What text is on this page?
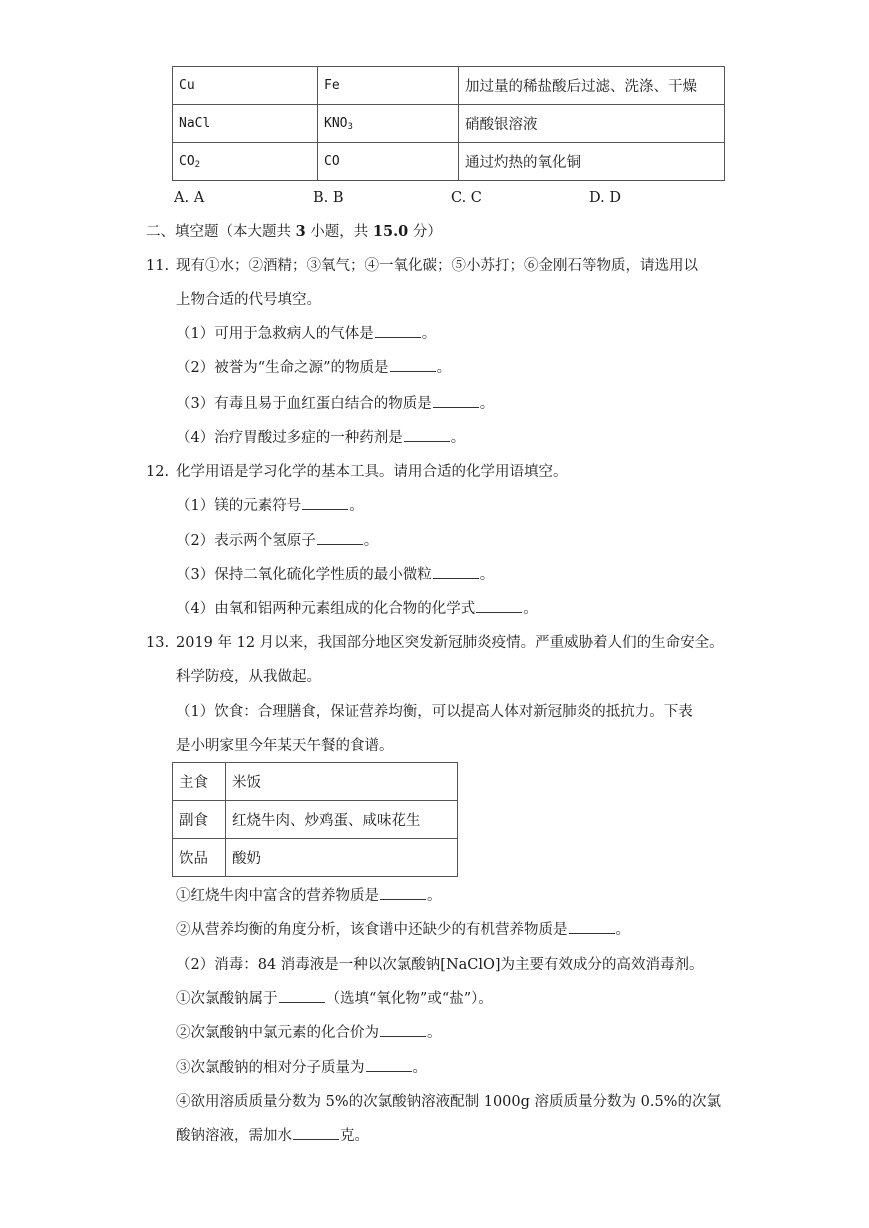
Cu	Fe	加过量的稀盐酸后过滤、洗涤、干燥
NaCl	$KNO_3$	硝酸银溶液
$CO_2$	CO	通过灼热的氧化铜
A. A	B. B	C. C	D. D
二、填空题（本大题共 3 小题，共 15.0 分）
11. 现有①水；②酒精；③氧气；④一氧化碳；⑤小苏打；⑥金刚石等物质，请选用以
上物合适的代号填空。
（1）可用于急救病人的气体是	。
（2）被誉为“生命之源”的物质是	。
（3）有毒且易于血红蛋白结合的物质是	。
（4）治疗胃酸过多症的一种药剂是	。
12. 化学用语是学习化学的基本工具。请用合适的化学用语填空。
（1）镁的元素符号	。
（2）表示两个氢原子	。
（3）保持二氧化硫化学性质的最小微粒	。
（4）由氧和铝两种元素组成的化合物的化学式	。
13. 2019 年 12 月以来，我国部分地区突发新冠肺炎疫情。严重威胁着人们的生命安全。
科学防疫，从我做起。
（1）饮食：合理膳食，保证营养均衡，可以提高人体对新冠肺炎的抵抗力。下表
是小明家里今年某天午餐的食谱。
主食	米饭
副食	红烧牛肉、炒鸡蛋、咸味花生
饮品	酸奶
①红烧牛肉中富含的营养物质是	。
②从营养均衡的角度分析，该食谱中还缺少的有机营养物质是	。
（2）消毒：84 消毒液是一种以次氯酸钠[NaClO]为主要有效成分的高效消毒剂。
①次氯酸钠属于	（选填“氧化物”或“盐”）。
②次氯酸钠中氯元素的化合价为	。
③次氯酸钠的相对分子质量为	。
④欲用溶质质量分数为 5%的次氯酸钠溶液配制 1000g 溶质质量分数为 0.5%的次氯
酸钠溶液，需加水	克。
